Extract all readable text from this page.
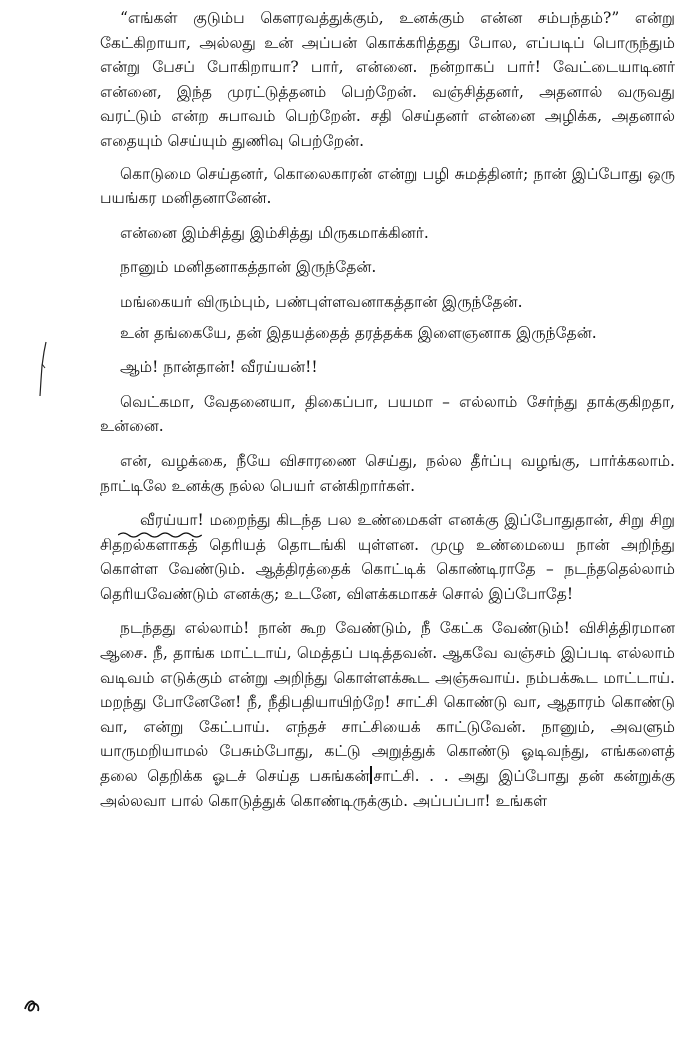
“எங்கள் குடும்ப கௌரவத்துக்கும், உனக்கும் என்ன சம்பந்தம்?” என்று கேட்கிறாயா, அல்லது உன் அப்பன் கொக்கரித்தது போல, எப்படிப் பொருந்தும் என்று பேசப் போகிறாயா? பார், என்னை. நன்றாகப் பார்! வேட்டையாடினர் என்னை, இந்த முரட்டுத்தனம் பெற்றேன். வஞ்சித்தனர், அதனால் வருவது வரட்டும் என்ற சுபாவம் பெற்றேன். சதி செய்தனர் என்னை அழிக்க, அதனால் எதையும் செய்யும் துணிவு பெற்றேன்.

கொடுமை செய்தனர், கொலைகாரன் என்று பழி சுமத்தினர்; நான் இப்போது ஒரு பயங்கர மனிதனானேன்.

என்னை இம்சித்து இம்சித்து மிருகமாக்கினர்.

நானும் மனிதனாகத்தான் இருந்தேன்.

மங்கையர் விரும்பும், பண்புள்ளவனாகத்தான் இருந்தேன்.

உன் தங்கையே, தன் இதயத்தைத் தரத்தக்க இளைஞனாக இருந்தேன்.

ஆம்! நான்தான்! வீரய்யன்!!

வெட்கமா, வேதனையா, திகைப்பா, பயமா – எல்லாம் சேர்ந்து தாக்குகிறதா, உன்னை.

என், வழக்கை, நீயே விசாரணை செய்து, நல்ல தீர்ப்பு வழங்கு, பார்க்கலாம். நாட்டிலே உனக்கு நல்ல பெயர் என்கிறார்கள்.

வீரய்யா!
மறைந்து கிடந்த பல உண்மைகள் எனக்கு இப்போதுதான், சிறு சிறு சிதறல்களாகத் தெரியத் தொடங்கி யுள்ளன. முழு உண்மையை நான் அறிந்து கொள்ள வேண்டும். ஆத்திரத்தைக் கொட்டிக் கொண்டிராதே – நடந்ததெல்லாம் தெரியவேண்டும் எனக்கு; உடனே, விளக்கமாகச் சொல் இப்போதே!

நடந்தது எல்லாம்! நான் கூற வேண்டும், நீ கேட்க வேண்டும்! விசித்திரமான ஆசை. நீ, தாங்க மாட்டாய், மெத்தப் படித்தவன். ஆகவே வஞ்சம் இப்படி எல்லாம் வடிவம் எடுக்கும் என்று அறிந்து கொள்ளக்கூட அஞ்சுவாய். நம்பக்கூட மாட்டாய். மறந்து போனேனே! நீ, நீதிபதியாயிற்றே! சாட்சி கொண்டு வா, ஆதாரம் கொண்டு வா, என்று கேட்பாய். எந்தச் சாட்சியைக் காட்டுவேன். நானும், அவளும் யாருமறியாமல் பேசும்போது, கட்டு அறுத்துக் கொண்டு ஓடிவந்து, எங்களைத் தலை தெறிக்க ஓடச் செய்த பசுங்கன் சாட்சி. . . அது இப்போது தன் கன்றுக்கு அல்லவா பால் கொடுத்துக் கொண்டிருக்கும். அப்பப்பா! உங்கள்
